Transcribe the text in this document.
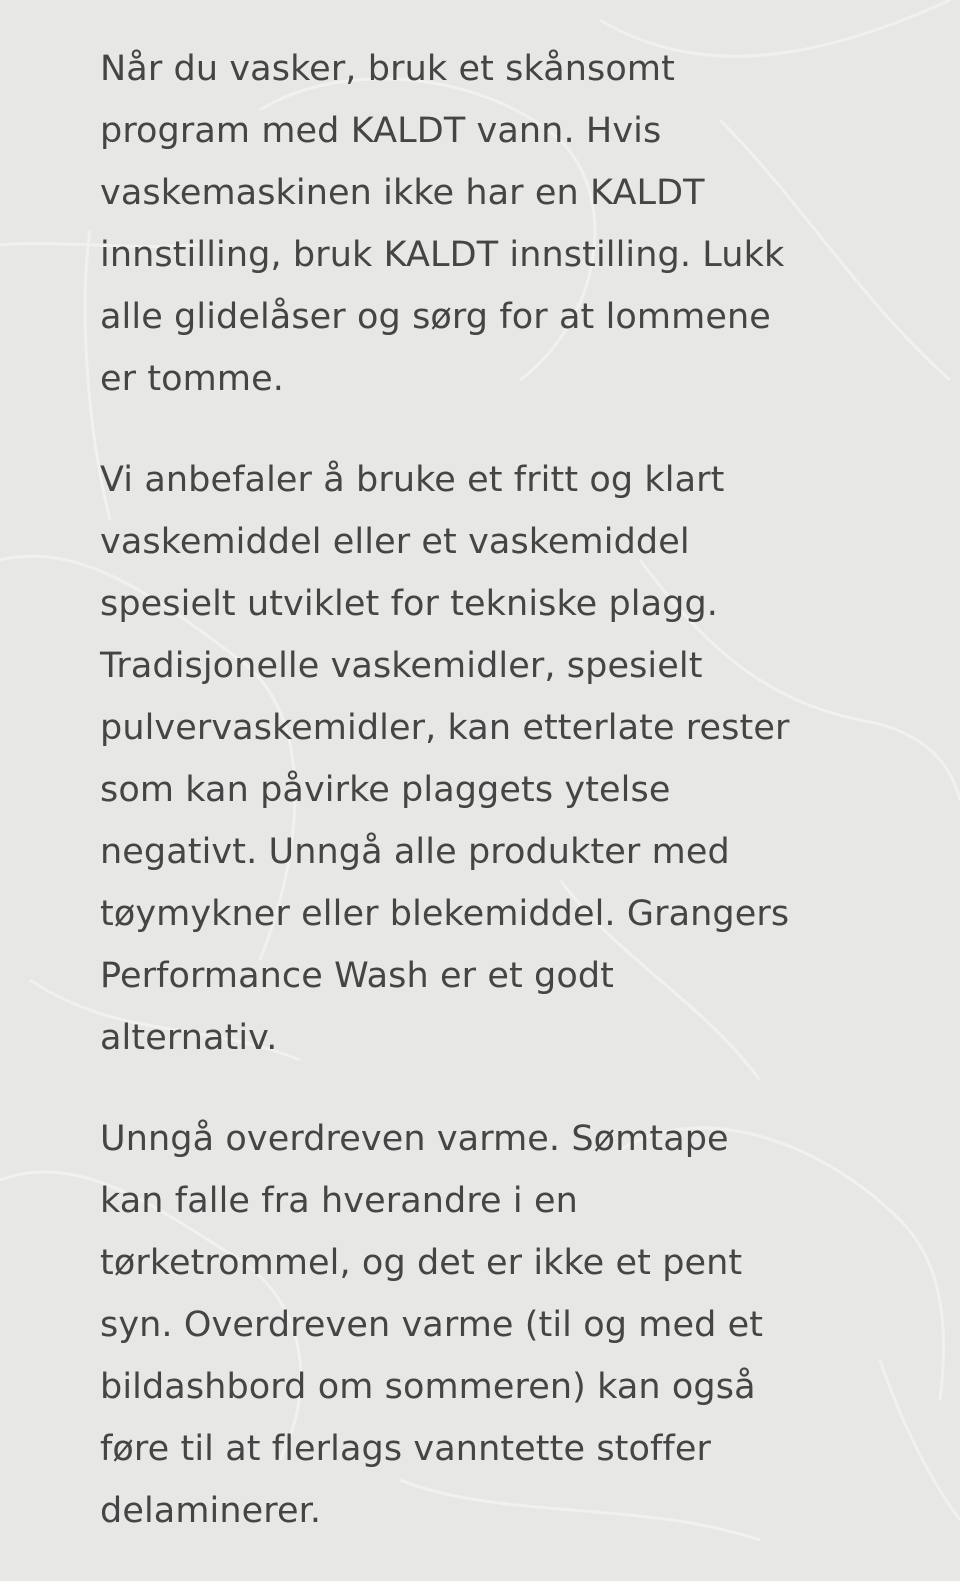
Når du vasker, bruk et skånsomt
program med KALDT vann. Hvis
vaskemaskinen ikke har en KALDT
innstilling, bruk KALDT innstilling. Lukk
alle glidelåser og sørg for at lommene
er tomme.

Vi anbefaler å bruke et fritt og klart
vaskemiddel eller et vaskemiddel
spesielt utviklet for tekniske plagg.
Tradisjonelle vaskemidler, spesielt
pulvervaskemidler, kan etterlate rester
som kan påvirke plaggets ytelse
negativt. Unngå alle produkter med
tøymykner eller blekemiddel. Grangers
Performance Wash er et godt
alternativ.

Unngå overdreven varme. Sømtape
kan falle fra hverandre i en
tørketrommel, og det er ikke et pent
syn. Overdreven varme (til og med et
bildashbord om sommeren) kan også
føre til at flerlags vanntette stoffer
delaminerer.
